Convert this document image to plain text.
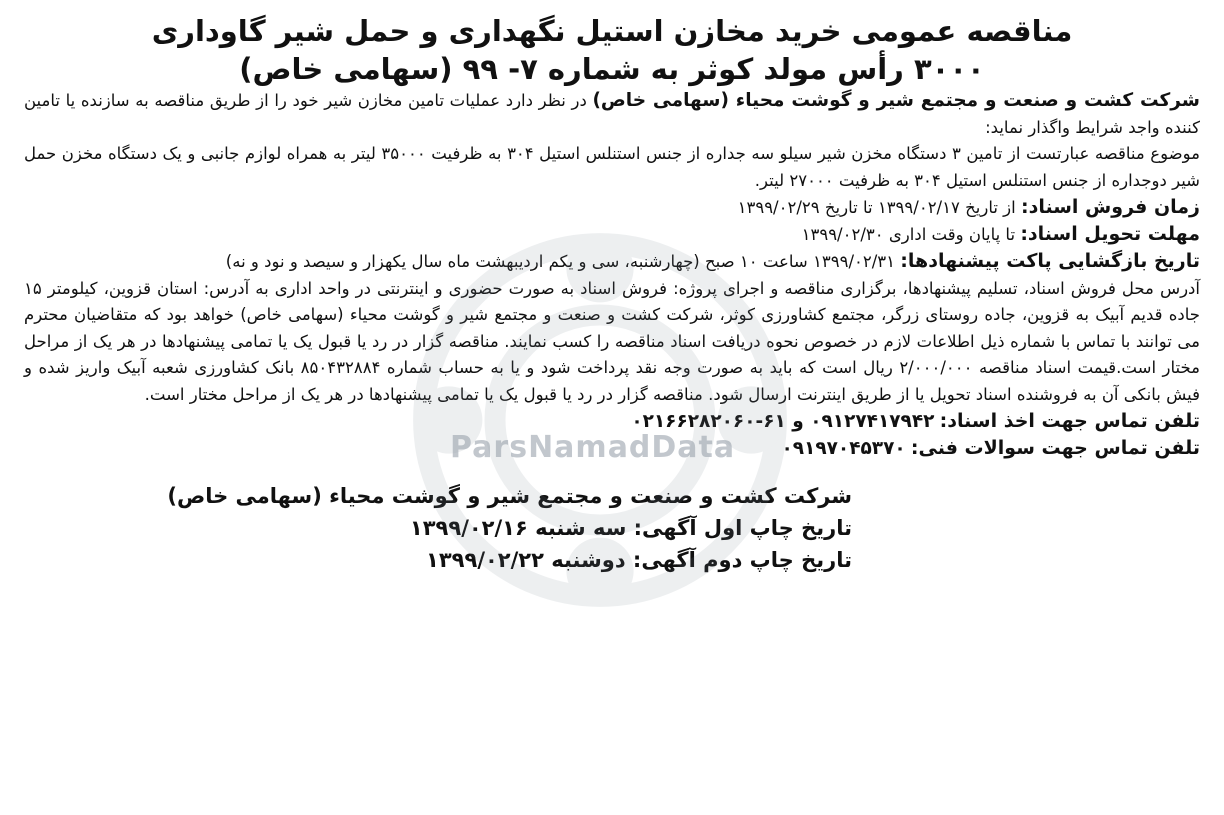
ParsNamadData
مناقصه عمومی خرید مخازن استیل نگهداری و حمل شیر گاوداری
۳۰۰۰ رأس مولد کوثر به شماره ۷- ۹۹ (سهامی خاص)

شرکت کشت و صنعت و مجتمع شیر و گوشت محیاء (سهامی خاص) در نظر دارد عملیات تامین مخازن شیر خود را از طریق مناقصه به سازنده یا تامین کننده واجد شرایط واگذار نماید:

موضوع مناقصه عبارتست از تامین ۳ دستگاه مخزن شیر سیلو سه جداره از جنس استنلس استیل ۳۰۴ به ظرفیت ۳۵۰۰۰ لیتر به همراه لوازم جانبی و یک دستگاه مخزن حمل شیر دوجداره از جنس استنلس استیل ۳۰۴ به ظرفیت ۲۷۰۰۰ لیتر.

زمان فروش اسناد: از تاریخ ۱۳۹۹/۰۲/۱۷ تا تاریخ ۱۳۹۹/۰۲/۲۹

مهلت تحویل اسناد: تا پایان وقت اداری ۱۳۹۹/۰۲/۳۰

تاریخ بازگشایی پاکت پیشنهادها: ۱۳۹۹/۰۲/۳۱ ساعت ۱۰ صبح (چهارشنبه، سی و یکم اردیبهشت ماه سال یکهزار و سیصد و نود و نه)

آدرس محل فروش اسناد، تسلیم پیشنهادها، برگزاری مناقصه و اجرای پروژه: فروش اسناد به صورت حضوری و اینترنتی در واحد اداری به آدرس: استان قزوین، کیلومتر ۱۵ جاده قدیم آبیک به قزوین، جاده روستای زرگر، مجتمع کشاورزی کوثر، شرکت کشت و صنعت و مجتمع شیر و گوشت محیاء (سهامی خاص) خواهد بود که متقاضیان محترم می توانند با تماس با شماره ذیل اطلاعات لازم در خصوص نحوه دریافت اسناد مناقصه را کسب نمایند. مناقصه گزار در رد یا قبول یک یا تمامی پیشنهادها در هر یک از مراحل مختار است.قیمت اسناد مناقصه ۲/۰۰۰/۰۰۰ ریال است که باید به صورت وجه نقد پرداخت شود و یا به حساب شماره ۸۵۰۴۳۲۸۸۴ بانک کشاورزی شعبه آبیک واریز شده و فیش بانکی آن به فروشنده اسناد تحویل یا از طریق اینترنت ارسال شود. مناقصه گزار در رد یا قبول یک یا تمامی پیشنهادها در هر یک از مراحل مختار است.

تلفن تماس جهت اخذ اسناد: ۰۹۱۲۷۴۱۷۹۴۲ و ۶۱-۰۲۱۶۶۲۸۲۰۶۰

تلفن تماس جهت سوالات فنی: ۰۹۱۹۷۰۴۵۳۷۰

شرکت کشت و صنعت و مجتمع شیر و گوشت محیاء (سهامی خاص)
تاریخ چاپ اول آگهی: سه شنبه ۱۳۹۹/۰۲/۱۶
تاریخ چاپ دوم آگهی: دوشنبه ۱۳۹۹/۰۲/۲۲
